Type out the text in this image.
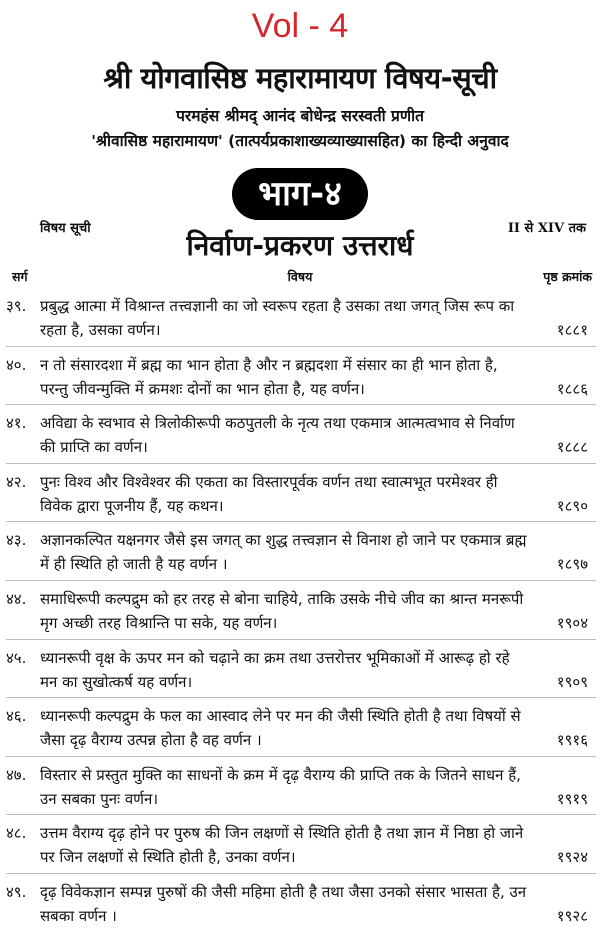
Vol - 4
श्री योगवासिष्ठ महारामायण विषय-सूची
परमहंस श्रीमद् आनंद बोधेन्द्र सरस्वती प्रणीत
'श्रीवासिष्ठ महारामायण' (तात्पर्यप्रकाशाख्यव्याख्यासहित) का हिन्दी अनुवाद
भाग-४
विषय सूची	II से XIV तक
निर्वाण-प्रकरण उत्तरार्ध
सर्ग	विषय	पृष्ठ क्रमांक
३९. प्रबुद्ध आत्मा में विश्रान्त तत्त्वज्ञानी का जो स्वरूप रहता है उसका तथा जगत् जिस रूप का रहता है, उसका वर्णन।	१८८१
४०. न तो संसारदशा में ब्रह्म का भान होता है और न ब्रह्मदशा में संसार का ही भान होता है, परन्तु जीवन्मुक्ति में क्रमशः दोनों का भान होता है, यह वर्णन।	१८८६
४१. अविद्या के स्वभाव से त्रिलोकीरूपी कठपुतली के नृत्य तथा एकमात्र आत्मत्वभाव से निर्वाण की प्राप्ति का वर्णन।	१८८८
४२. पुनः विश्व और विश्वेश्वर की एकता का विस्तारपूर्वक वर्णन तथा स्वात्मभूत परमेश्वर ही विवेक द्वारा पूजनीय हैं, यह कथन।	१८९०
४३. अज्ञानकल्पित यक्षनगर जैसे इस जगत् का शुद्ध तत्त्वज्ञान से विनाश हो जाने पर एकमात्र ब्रह्म में ही स्थिति हो जाती है यह वर्णन ।	१८९७
४४. समाधिरूपी कल्पद्रुम को हर तरह से बोना चाहिये, ताकि उसके नीचे जीव का श्रान्त मनरूपी मृग अच्छी तरह विश्रान्ति पा सके, यह वर्णन।	१९०४
४५. ध्यानरूपी वृक्ष के ऊपर मन को चढ़ाने का क्रम तथा उत्तरोत्तर भूमिकाओं में आरूढ़ हो रहे मन का सुखोत्कर्ष यह वर्णन।	१९०९
४६. ध्यानरूपी कल्पद्रुम के फल का आस्वाद लेने पर मन की जैसी स्थिति होती है तथा विषयों से जैसा दृढ़ वैराग्य उत्पन्न होता है वह वर्णन ।	१९१६
४७. विस्तार से प्रस्तुत मुक्ति का साधनों के क्रम में दृढ़ वैराग्य की प्राप्ति तक के जितने साधन हैं, उन सबका पुनः वर्णन।	१९१९
४८. उत्तम वैराग्य दृढ़ होने पर पुरुष की जिन लक्षणों से स्थिति होती है तथा ज्ञान में निष्ठा हो जाने पर जिन लक्षणों से स्थिति होती है, उनका वर्णन।	१९२४
४९. दृढ़ विवेकज्ञान सम्पन्न पुरुषों की जैसी महिमा होती है तथा जैसा उनको संसार भासता है, उन सबका वर्णन ।	१९२८
